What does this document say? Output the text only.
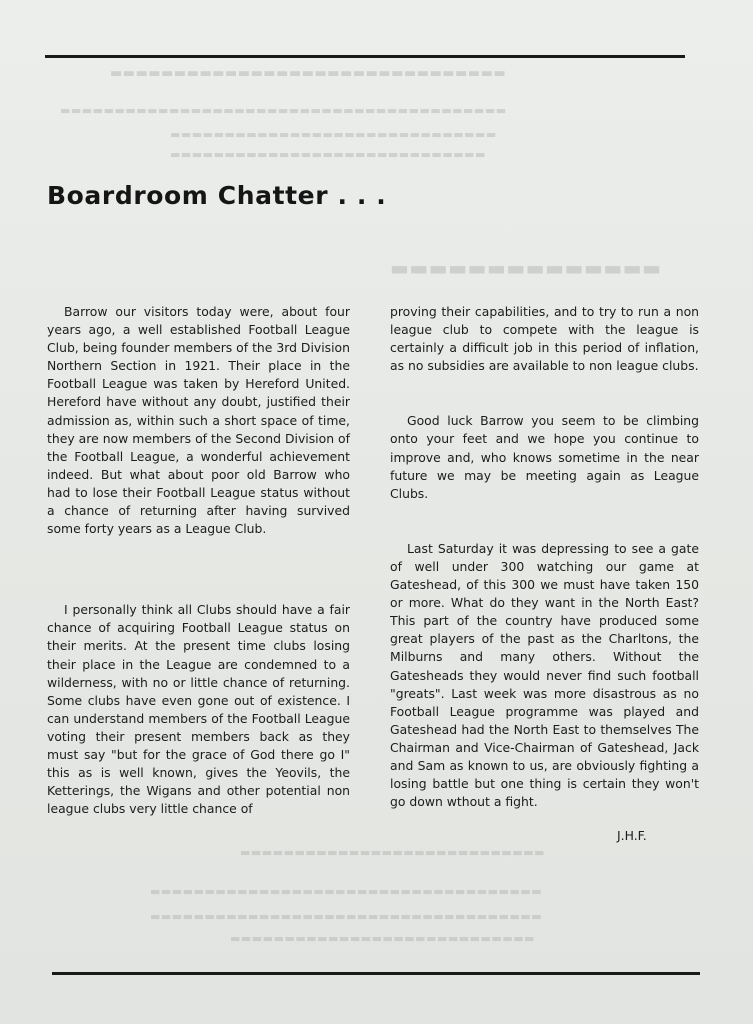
▬▬▬▬▬▬▬▬▬▬▬▬▬▬▬▬▬▬▬▬▬▬▬▬▬▬▬▬▬▬▬
▬▬▬▬▬▬▬▬▬▬▬▬▬▬▬▬▬▬▬▬▬▬▬▬▬▬▬▬▬▬▬▬▬▬▬▬▬▬▬▬▬
▬▬▬▬▬▬▬▬▬▬▬▬▬▬▬▬▬▬▬▬▬▬▬▬▬▬▬▬▬▬
▬▬▬▬▬▬▬▬▬▬▬▬▬▬▬▬▬▬▬▬▬▬▬▬▬▬▬▬▬
▬▬▬▬▬▬▬▬▬▬▬▬▬▬
▬▬▬▬▬▬▬▬▬▬▬▬▬▬▬▬▬▬▬▬▬▬▬▬▬▬▬▬
▬▬▬▬▬▬▬▬▬▬▬▬▬▬▬▬▬▬▬▬▬▬▬▬▬▬▬▬▬▬▬▬▬▬▬▬
▬▬▬▬▬▬▬▬▬▬▬▬▬▬▬▬▬▬▬▬▬▬▬▬▬▬▬▬▬▬▬▬▬▬▬▬
▬▬▬▬▬▬▬▬▬▬▬▬▬▬▬▬▬▬▬▬▬▬▬▬▬▬▬▬
Boardroom Chatter . . .

Barrow our visitors today were, about four years ago, a well established Football League Club, being founder members of the 3rd Division Northern Section in 1921. Their place in the Football League was taken by Hereford United. Hereford have without any doubt, justified their admission as, within such a short space of time, they are now members of the Second Division of the Football League, a wonderful achievement indeed. But what about poor old Barrow who had to lose their Football League status without a chance of returning after having survived some forty years as a League Club.

I personally think all Clubs should have a fair chance of acquiring Football League status on their merits. At the present time clubs losing their place in the League are condemned to a wilderness, with no or little chance of returning. Some clubs have even gone out of existence. I can understand members of the Football League voting their present members back as they must say "but for the grace of God there go I" this as is well known, gives the Yeovils, the Ketterings, the Wigans and other potential non league clubs very little chance of

proving their capabilities, and to try to run a non league club to compete with the league is certainly a difficult job in this period of inflation, as no subsidies are available to non league clubs.

Good luck Barrow you seem to be climbing onto your feet and we hope you continue to improve and, who knows sometime in the near future we may be meeting again as League Clubs.

Last Saturday it was depressing to see a gate of well under 300 watching our game at Gateshead, of this 300 we must have taken 150 or more. What do they want in the North East? This part of the country have produced some great players of the past as the Charltons, the Milburns and many others. Without the Gatesheads they would never find such football "greats". Last week was more disastrous as no Football League programme was played and Gateshead had the North East to themselves The Chairman and Vice-Chairman of Gateshead, Jack and Sam as known to us, are obviously fighting a losing battle but one thing is certain they won't go down wthout a fight.

J.H.F.
